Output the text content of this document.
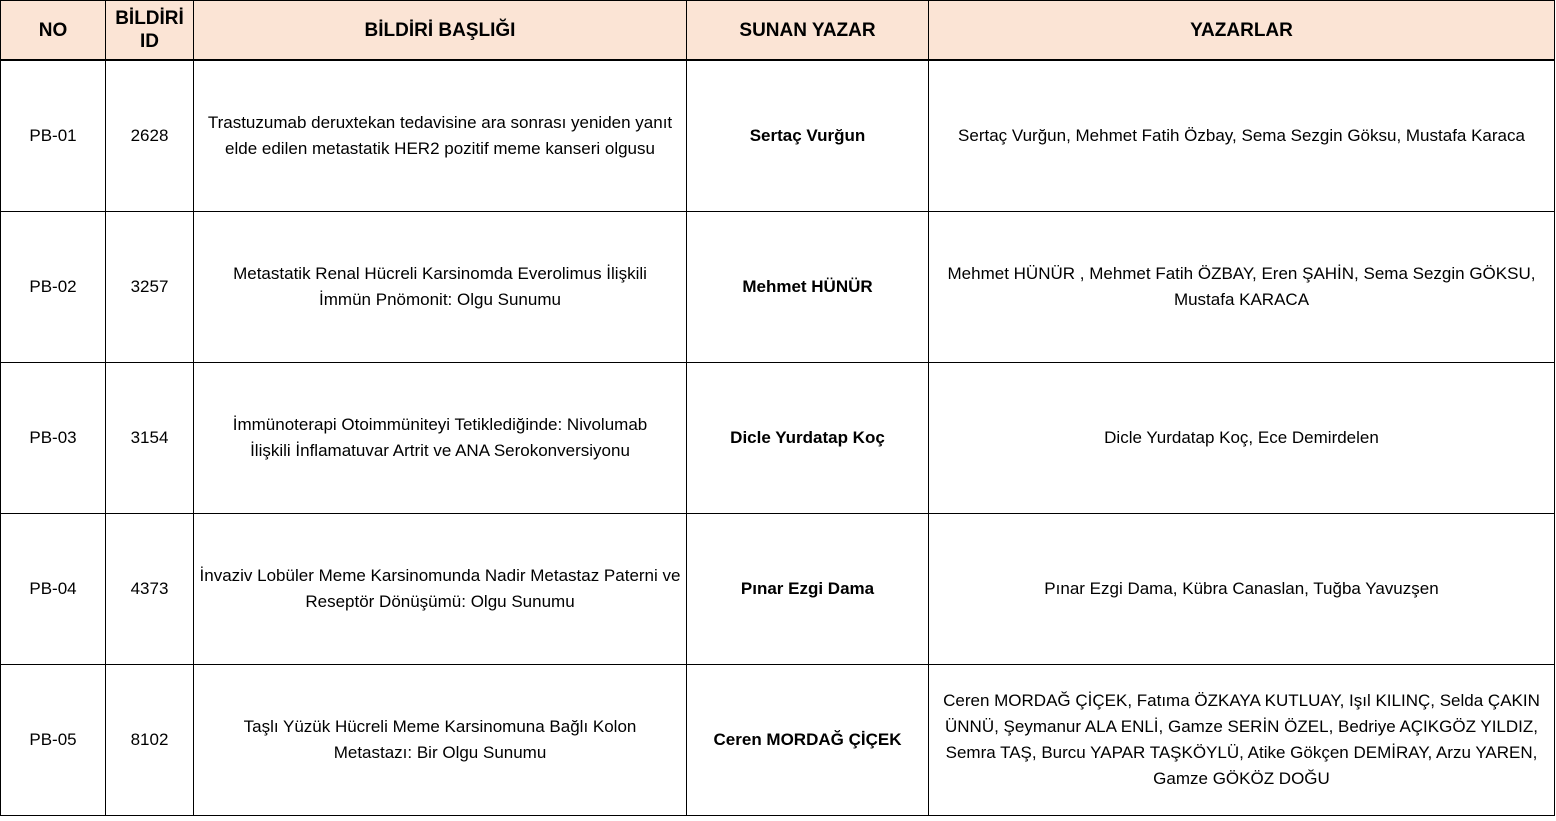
NO	BİLDİRİ ID	BİLDİRİ BAŞLIĞI	SUNAN YAZAR	YAZARLAR
PB-01	2628	Trastuzumab deruxtekan tedavisine ara sonrası yeniden yanıt elde edilen metastatik HER2 pozitif meme kanseri olgusu	Sertaç Vurğun	Sertaç Vurğun, Mehmet Fatih Özbay, Sema Sezgin Göksu, Mustafa Karaca
PB-02	3257	Metastatik Renal Hücreli Karsinomda Everolimus İlişkili İmmün Pnömonit: Olgu Sunumu	Mehmet HÜNÜR	Mehmet HÜNÜR , Mehmet Fatih ÖZBAY, Eren ŞAHİN, Sema Sezgin GÖKSU, Mustafa KARACA
PB-03	3154	İmmünoterapi Otoimmüniteyi Tetiklediğinde: Nivolumab İlişkili İnflamatuvar Artrit ve ANA Serokonversiyonu	Dicle Yurdatap Koç	Dicle Yurdatap Koç, Ece Demirdelen
PB-04	4373	İnvaziv Lobüler Meme Karsinomunda Nadir Metastaz Paterni ve Reseptör Dönüşümü: Olgu Sunumu	Pınar Ezgi Dama	Pınar Ezgi Dama, Kübra Canaslan, Tuğba Yavuzşen
PB-05	8102	Taşlı Yüzük Hücreli Meme Karsinomuna Bağlı Kolon Metastazı: Bir Olgu Sunumu	Ceren MORDAĞ ÇİÇEK	Ceren MORDAĞ ÇİÇEK, Fatıma ÖZKAYA KUTLUAY, Işıl KILINÇ, Selda ÇAKIN ÜNNÜ, Şeymanur ALA ENLİ, Gamze SERİN ÖZEL, Bedriye AÇIKGÖZ YILDIZ, Semra TAŞ, Burcu YAPAR TAŞKÖYLÜ, Atike Gökçen DEMİRAY, Arzu YAREN, Gamze GÖKÖZ DOĞU
